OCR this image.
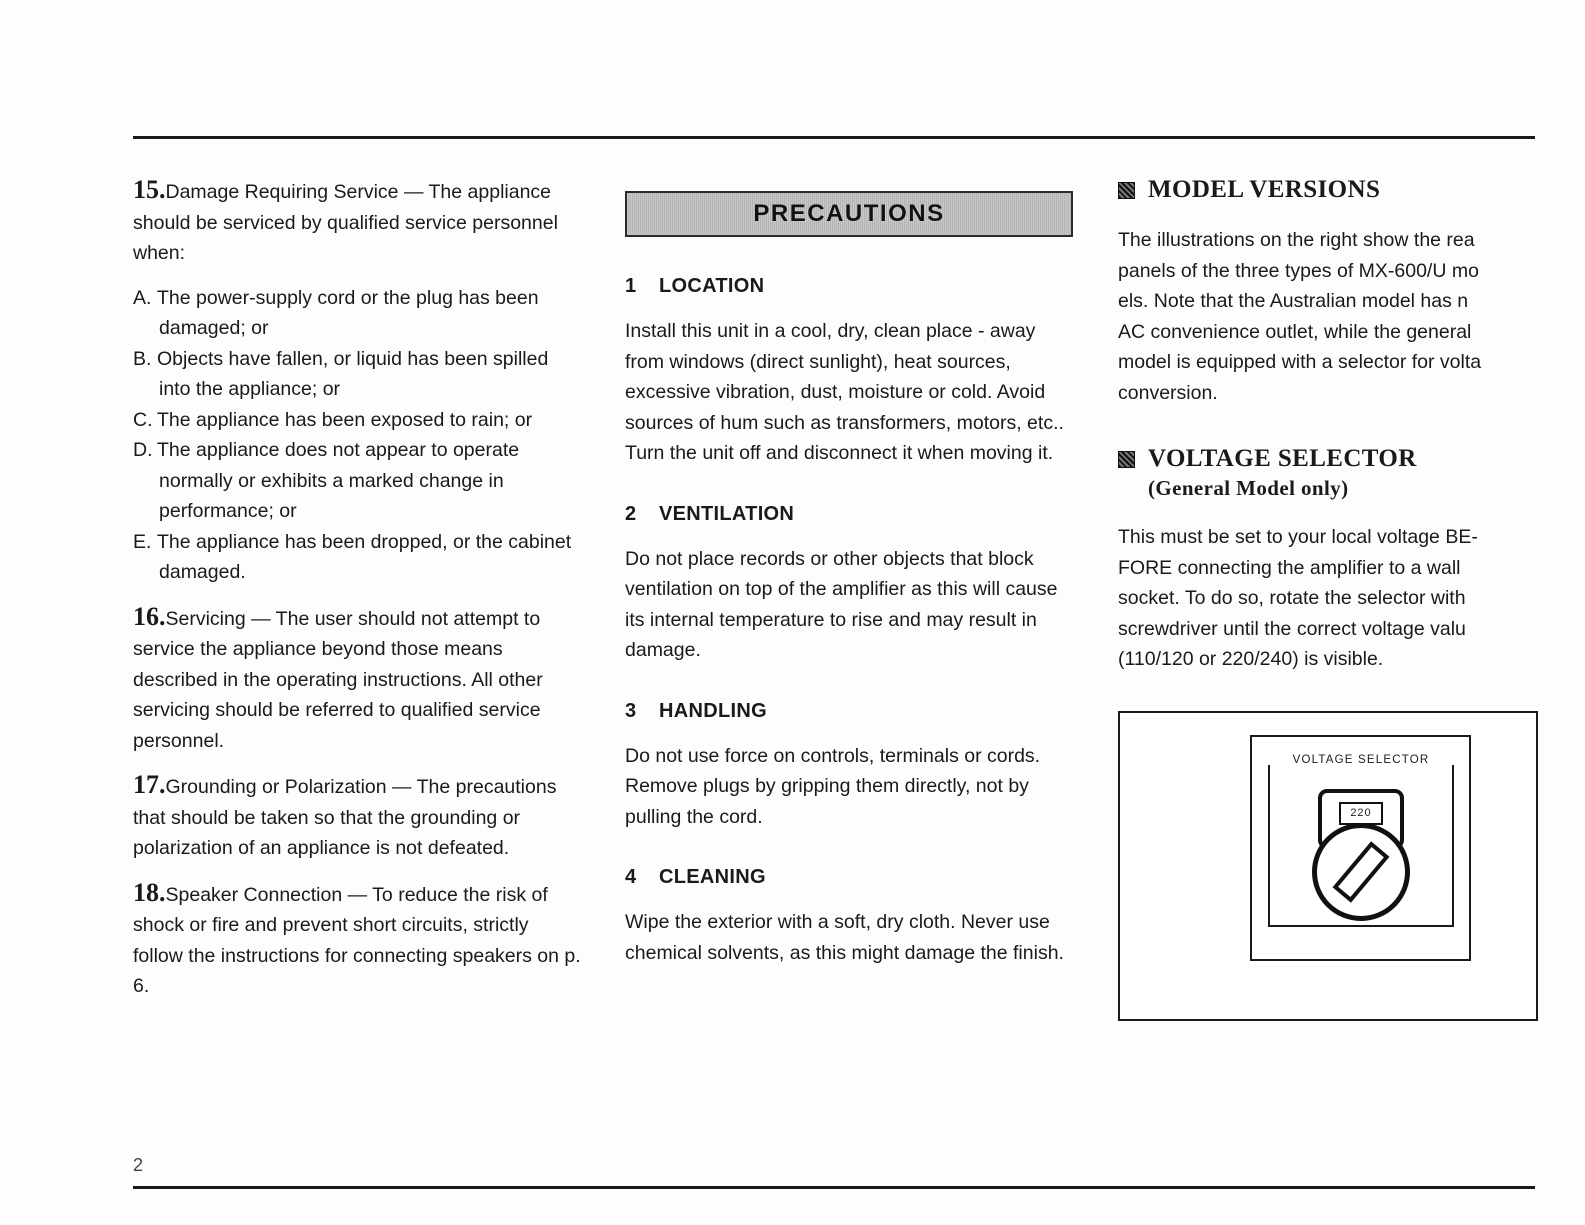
15.Damage Requiring Service — The appliance should be serviced by qualified service personnel when:

A. The power-supply cord or the plug has been damaged; or
B. Objects have fallen, or liquid has been spilled into the appliance; or
C. The appliance has been exposed to rain; or
D. The appliance does not appear to operate normally or exhibits a marked change in performance; or
E. The appliance has been dropped, or the cabinet damaged.

16.Servicing — The user should not attempt to service the appliance beyond those means described in the operating instructions. All other servicing should be referred to qualified service personnel.

17.Grounding or Polarization — The precautions that should be taken so that the grounding or polarization of an appliance is not defeated.

18.Speaker Connection — To reduce the risk of shock or fire and prevent short circuits, strictly follow the instructions for connecting speakers on p. 6.

PRECAUTIONS
1 LOCATION

Install this unit in a cool, dry, clean place - away from windows (direct sunlight), heat sources, excessive vibration, dust, moisture or cold. Avoid sources of hum such as transformers, motors, etc.. Turn the unit off and disconnect it when moving it.

2 VENTILATION

Do not place records or other objects that block ventilation on top of the amplifier as this will cause its internal temperature to rise and may result in damage.

3 HANDLING

Do not use force on controls, terminals or cords. Remove plugs by gripping them directly, not by pulling the cord.

4 CLEANING

Wipe the exterior with a soft, dry cloth. Never use chemical solvents, as this might damage the finish.

MODEL VERSIONS

The illustrations on the right show the rea
panels of the three types of MX-600/U mo
els. Note that the Australian model has n
AC convenience outlet, while the general
model is equipped with a selector for volta
conversion.

VOLTAGE SELECTOR
(General Model only)

This must be set to your local voltage BE-
FORE connecting the amplifier to a wall
socket. To do so, rotate the selector with
screwdriver until the correct voltage valu
(110/120 or 220/240) is visible.

VOLTAGE SELECTOR
220
2
